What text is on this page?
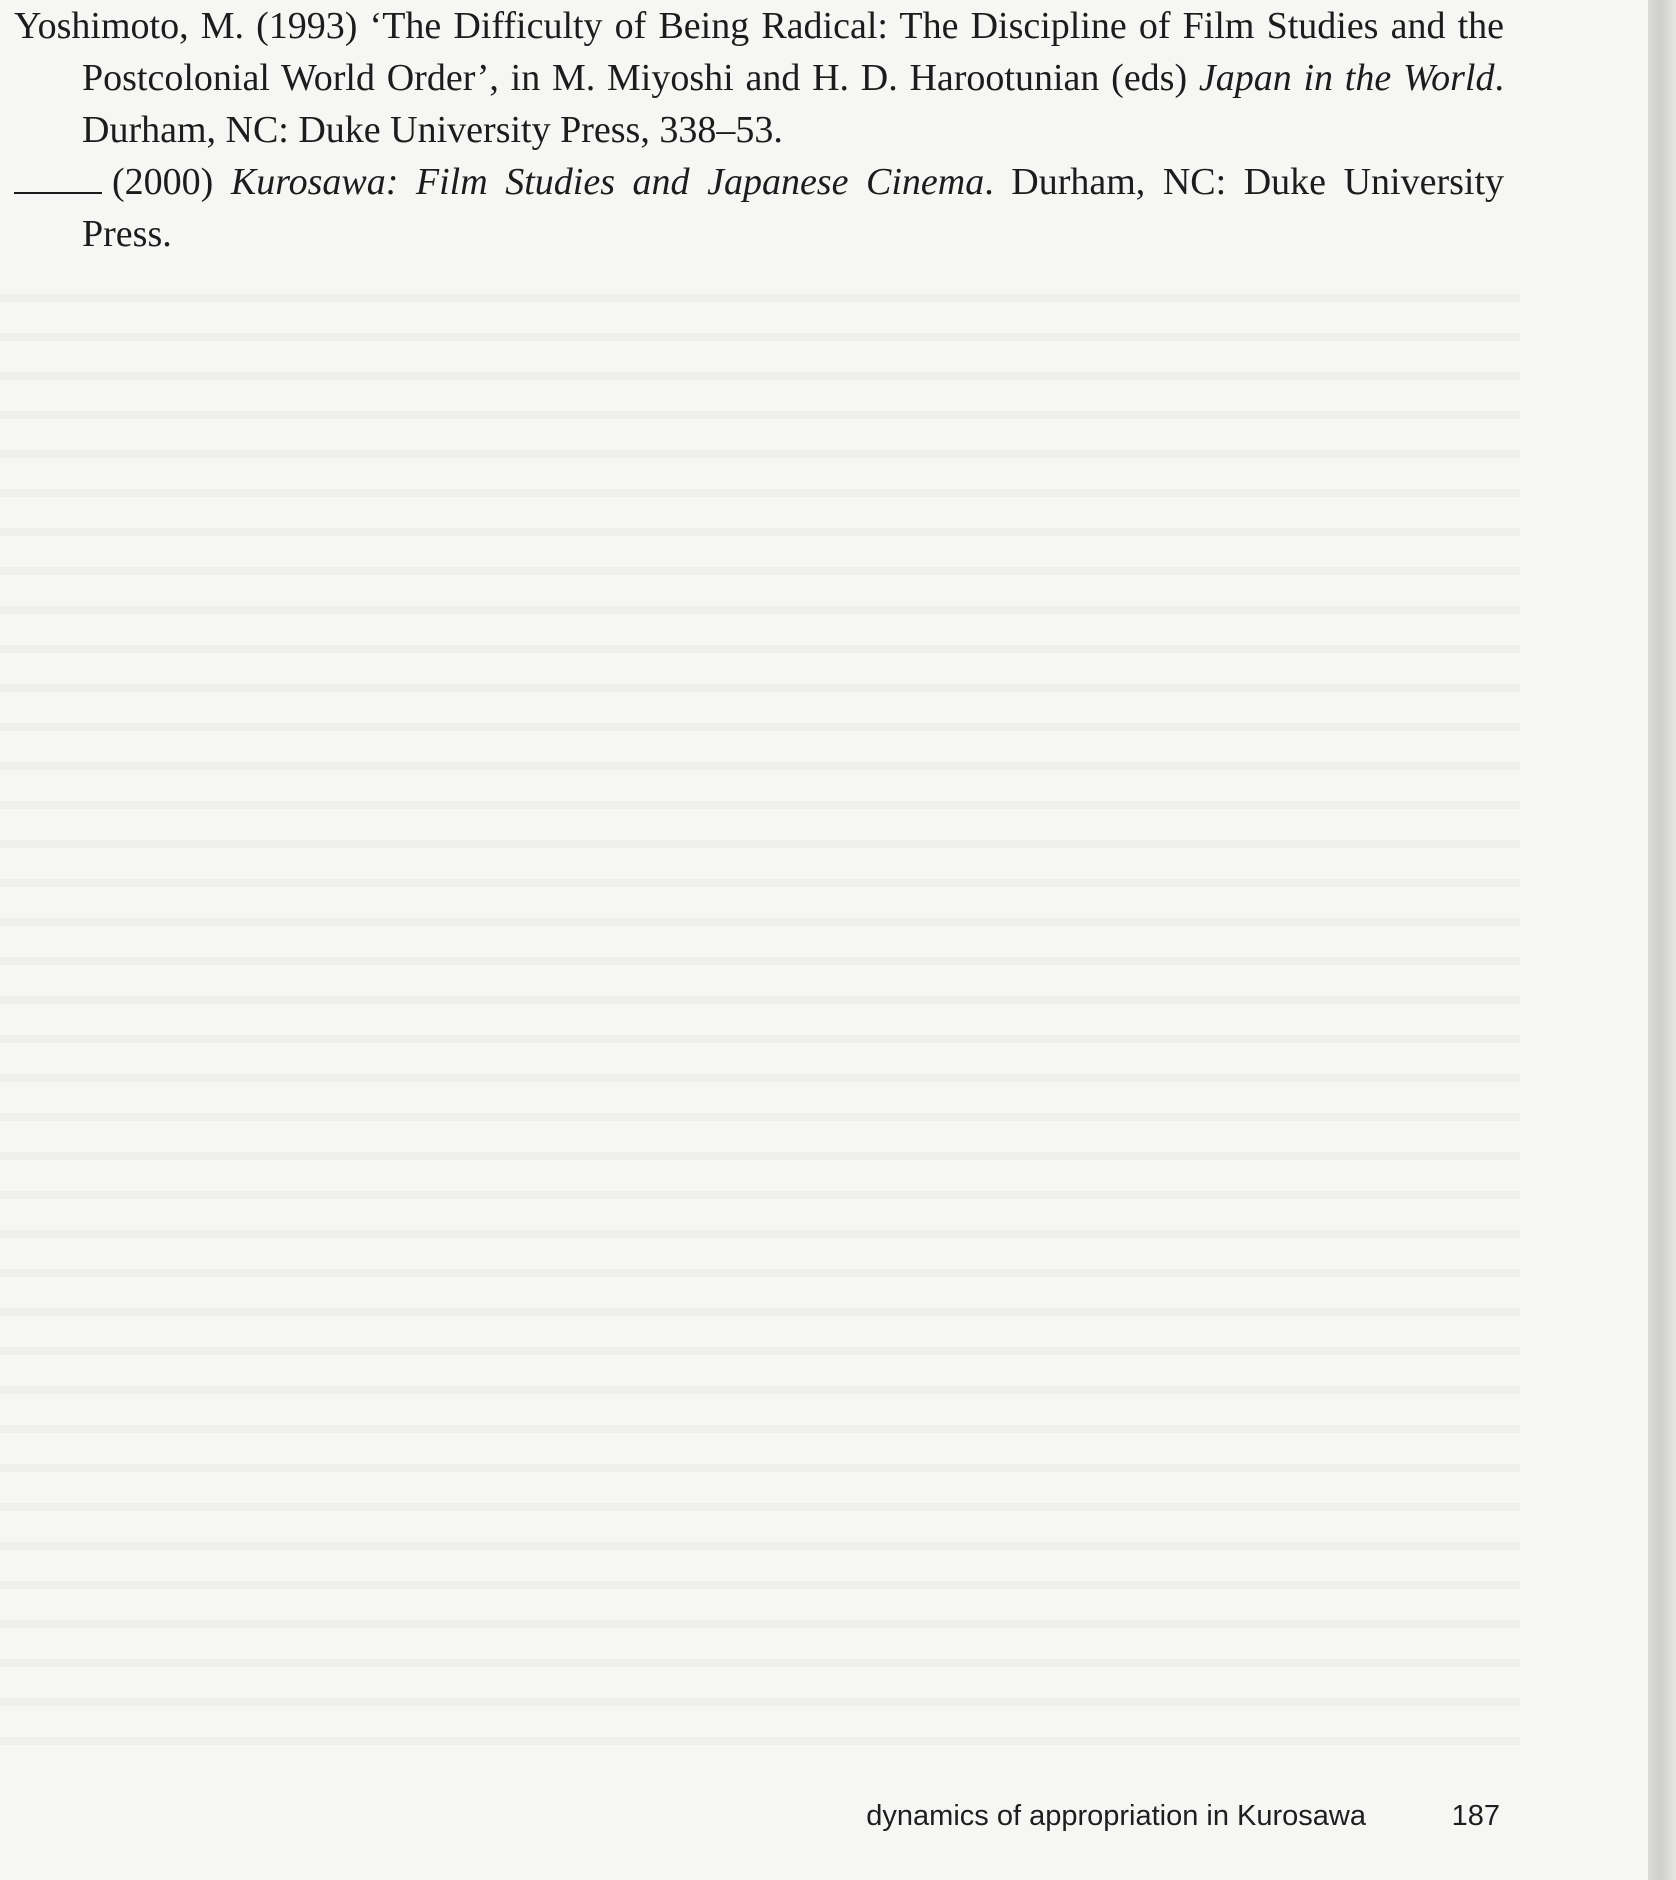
Yoshimoto, M. (1993) ‘The Difficulty of Being Radical: The Discipline of Film Studies and the Postcolonial World Order’, in M. Miyoshi and H. D. Harootunian (eds) Japan in the World. Durham, NC: Duke University Press, 338–53.

(2000) Kurosawa: Film Studies and Japanese Cinema. Durham, NC: Duke University Press.

dynamics of appropriation in Kurosawa	187
